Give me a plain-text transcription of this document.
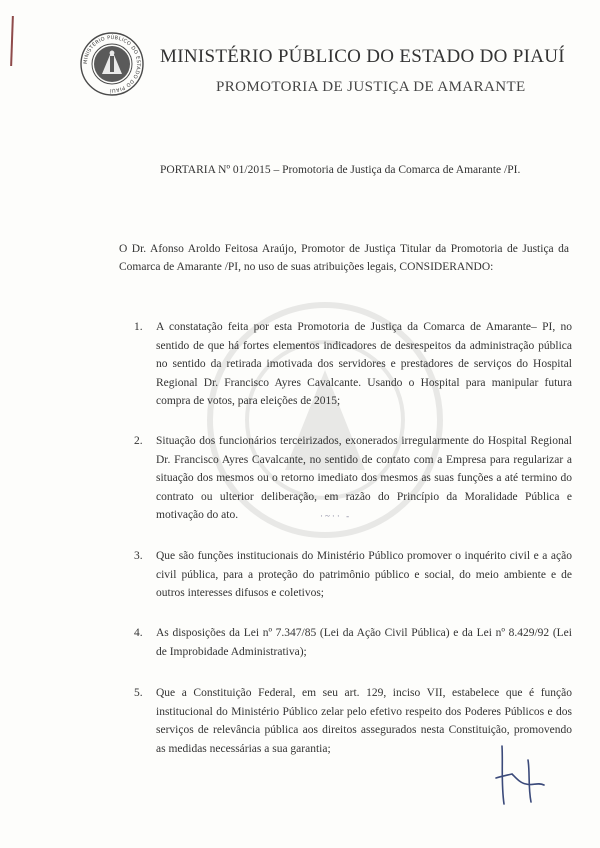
MINISTÉRIO PÚBLICO DO ESTADO DO PIAUÍ
MINISTÉRIO PÚBLICO DO ESTADO DO PIAUÍ
PROMOTORIA DE JUSTIÇA DE AMARANTE
PORTARIA Nº 01/2015 – Promotoria de Justiça da Comarca de Amarante /PI.
O Dr. Afonso Aroldo Feitosa Araújo, Promotor de Justiça Titular da Promotoria de Justiça da Comarca de Amarante /PI, no uso de suas atribuições legais, CONSIDERANDO:
1. A constatação feita por esta Promotoria de Justiça da Comarca de Amarante– PI, no sentido de que há fortes elementos indicadores de desrespeitos da administração pública no sentido da retirada imotivada dos servidores e prestadores de serviços do Hospital Regional Dr. Francisco Ayres Cavalcante. Usando o Hospital para manipular futura compra de votos, para eleições de 2015;
2. Situação dos funcionários terceirizados, exonerados irregularmente do Hospital Regional Dr. Francisco Ayres Cavalcante, no sentido de contato com a Empresa para regularizar a situação dos mesmos ou o retorno imediato dos mesmos as suas funções a até termino do contrato ou ulterior deliberação, em razão do Princípio da Moralidade Pública e motivação do ato.
3. Que são funções institucionais do Ministério Público promover o inquérito civil e a ação civil pública, para a proteção do patrimônio público e social, do meio ambiente e de outros interesses difusos e coletivos;
4. As disposições da Lei nº 7.347/85 (Lei da Ação Civil Pública) e da Lei nº 8.429/92 (Lei de Improbidade Administrativa);
5. Que a Constituição Federal, em seu art. 129, inciso VII, estabelece que é função institucional do Ministério Público zelar pelo efetivo respeito dos Poderes Públicos e dos serviços de relevância pública aos direitos assegurados nesta Constituição, promovendo as medidas necessárias a sua garantia;
·~·· -
